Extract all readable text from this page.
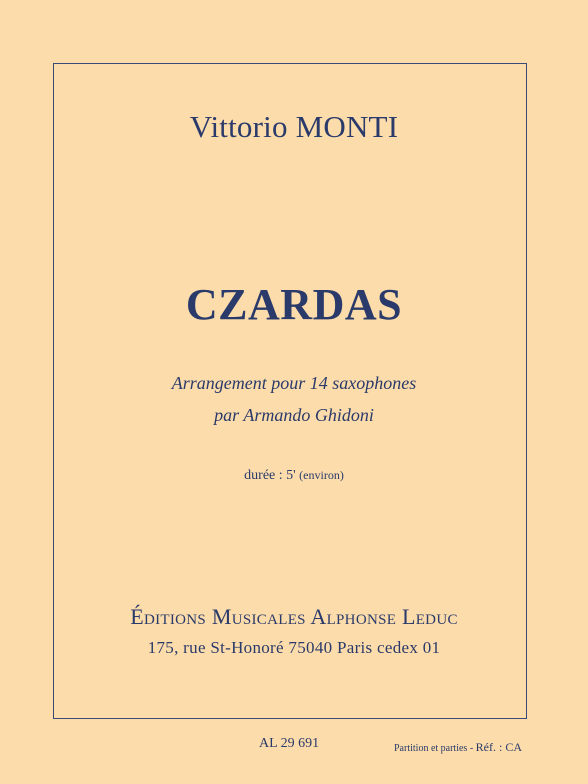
Vittorio MONTI
CZARDAS
Arrangement pour 14 saxophones
par Armando Ghidoni
durée : 5' (environ)
Éditions Musicales Alphonse Leduc
175, rue St-Honoré 75040 Paris cedex 01
AL 29 691	Partition et parties - Réf. : CA
